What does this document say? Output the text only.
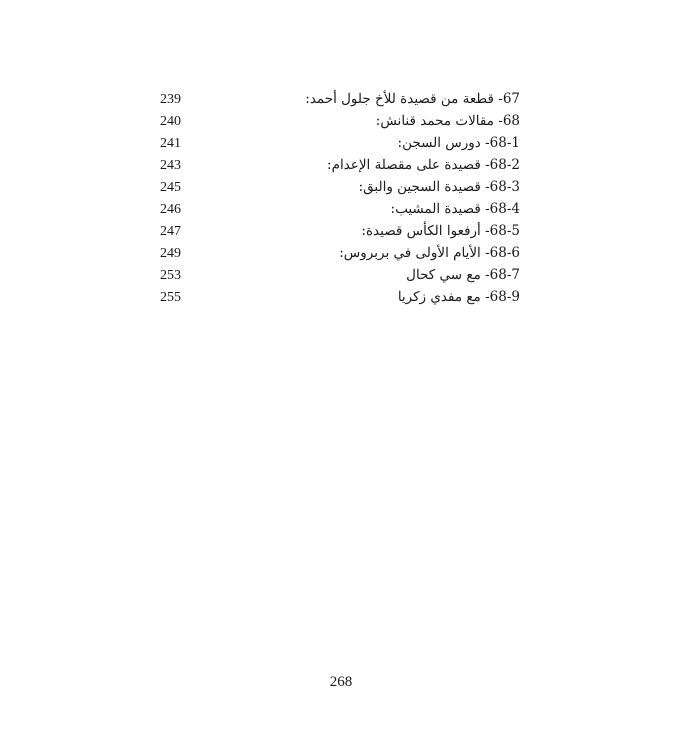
239	67- قطعة من قصيدة للأخ جلول أحمد:
240	68- مقالات محمد قنانش:
241	68-1- دورس السجن:
243	68-2- قصيدة على مقصلة الإعدام:
245	68-3- قصيدة السجين والبق:
246	68-4- قصيدة المشيب:
247	68-5- أرفعوا الكأس قصيدة:
249	68-6- الأيام الأولى في بربروس:
253	68-7- مع سي كحال
255	68-9- مع مفدي زكريا
268
